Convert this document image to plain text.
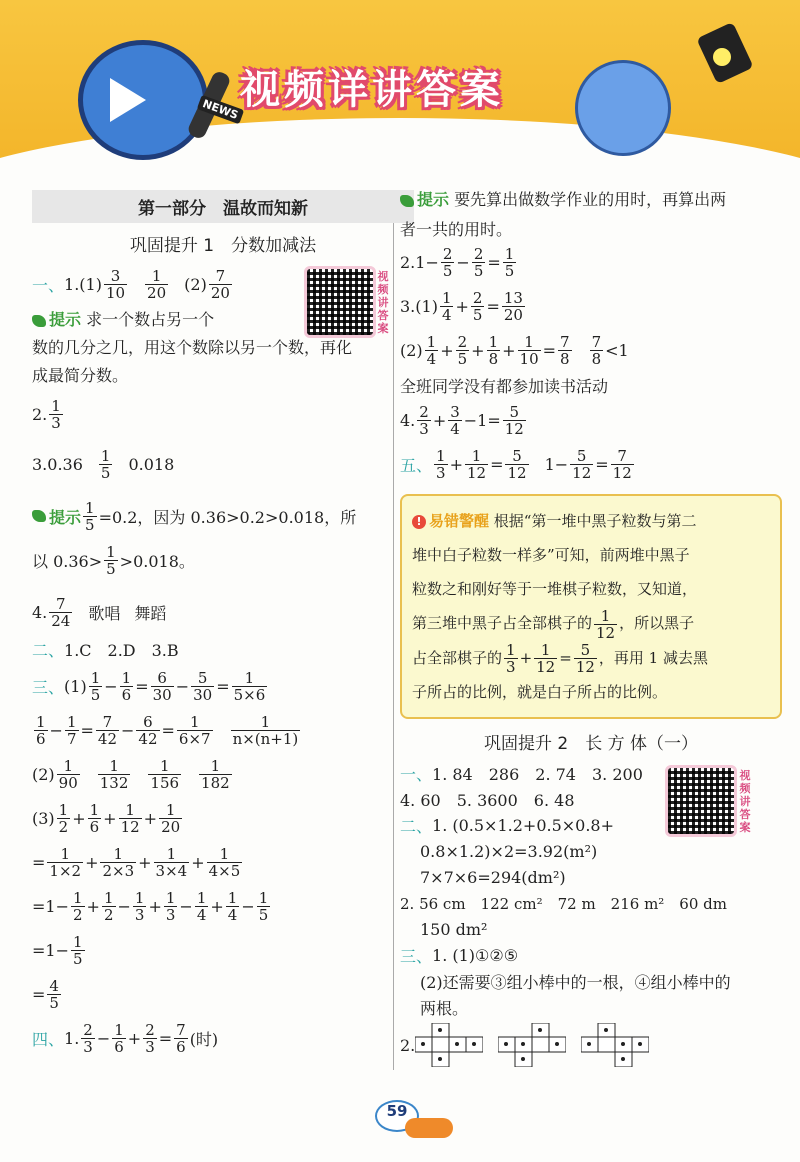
NEWS 视频详讲答案
第一部分　温故而知新
巩固提升 1　分数加减法
一、 $1.(1) \frac{3}{10} \frac{1}{20} (2) \frac{7}{20}$	视频讲答案

提示 求一个数占另一个

数的几分之几，用这个数除以另一个数，再化

成最简分数。

2. $\frac{1}{3}$
3. $0.36 \frac{1}{5} 0.018$
提示 $\frac{1}{5} =0.2$，因为 0.36>0.2>0.018，所
以 $0.36> \frac{1}{5} >0.018$。
4. $\frac{7}{24}$ 歌唱 舞蹈
二、 1.C　2.D　3.B
三、 $(1) \frac{1}{5} - \frac{1}{6} = \frac{6}{30} - \frac{5}{30} = \frac{1}{5\times 6}$
$\frac{1}{6} - \frac{1}{7} = \frac{7}{42} - \frac{6}{42} = \frac{1}{6\times 7} \frac{1}{n\times(n+1)}$
$(2) \frac{1}{90} \frac{1}{132} \frac{1}{156} \frac{1}{182}$
$(3) \frac{1}{2} + \frac{1}{6} + \frac{1}{12} + \frac{1}{20}$
= $\frac{1}{1\times 2} + \frac{1}{2\times 3} + \frac{1}{3\times 4} + \frac{1}{4\times 5}$
= $1 - \frac{1}{2} + \frac{1}{2} - \frac{1}{3} + \frac{1}{3} - \frac{1}{4} + \frac{1}{4} - \frac{1}{5}$
= $1 - \frac{1}{5}$
= $\frac{4}{5}$
四、 1. $\frac{2}{3} - \frac{1}{6} + \frac{2}{3} = \frac{7}{6}$ (时)

提示 要先算出做数学作业的用时，再算出两

者一共的用时。

2. $1 - \frac{2}{5} - \frac{2}{5} = \frac{1}{5}$
$3.(1) \frac{1}{4} + \frac{2}{5} = \frac{13}{20}$
$(2) \frac{1}{4} + \frac{2}{5} + \frac{1}{8} + \frac{1}{10} = \frac{7}{8} \frac{7}{8} <1$
全班同学没有都参加读书活动
4. $\frac{2}{3} + \frac{3}{4} - 1 = \frac{5}{12}$
五、 $\frac{1}{3} + \frac{1}{12} = \frac{5}{12} 1 - \frac{5}{12} = \frac{7}{12}$
! 易错警醒 根据“第一堆中黑子粒数与第二
堆中白子粒数一样多”可知，前两堆中黑子
粒数之和刚好等于一堆棋子粒数，又知道，
第三堆中黑子占全部棋子的 $\frac{1}{12}$ ，所以黑子
占全部棋子的 $\frac{1}{3} + \frac{1}{12} = \frac{5}{12}$ ，再用 1 减去黑
子所占的比例，就是白子所占的比例。
巩固提升 2　长 方 体（一）
视频讲答案
一、 1. 84　286　2. 74　3. 200
4. 60　5. 3600　6. 48
二、 1. (0.5×1.2+0.5×0.8+
0.8×1.2)×2=3.92(m²)
7×7×6=294(dm²)
2. 56 cm　122 cm²　72 m　216 m²　60 dm
150 dm²
三、 1. (1)①②⑤
(2)还需要③组小棒中的一根，④组小棒中的
两根。
2.

59
